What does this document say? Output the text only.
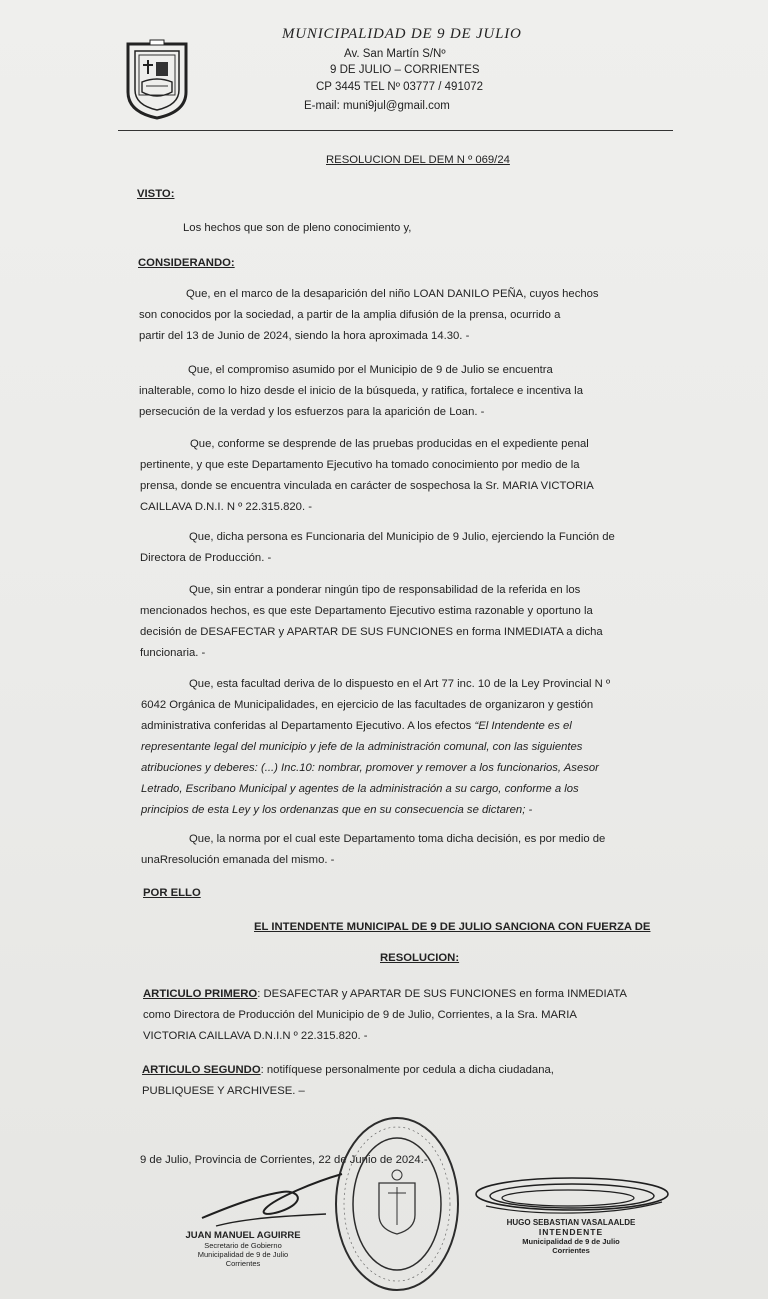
MUNICIPALIDAD DE 9 DE JULIO
Av. San Martín S/Nº
9 DE JULIO – CORRIENTES
CP 3445 TEL Nº 03777 / 491072
E-mail: muni9jul@gmail.com
RESOLUCION DEL DEM N º 069/24
VISTO:
Los hechos que son de pleno conocimiento y,
CONSIDERANDO:
Que, en el marco de la desaparición del niño LOAN DANILO PEÑA, cuyos hechos
son conocidos por la sociedad, a partir de la amplia difusión de la prensa, ocurrido a
partir del 13 de Junio de 2024, siendo la hora aproximada 14.30. -
Que, el compromiso asumido por el Municipio de 9 de Julio se encuentra
inalterable, como lo hizo desde el inicio de la búsqueda, y ratifica, fortalece e incentiva la
persecución de la verdad y los esfuerzos para la aparición de Loan. -
Que, conforme se desprende de las pruebas producidas en el expediente penal
pertinente, y que este Departamento Ejecutivo ha tomado conocimiento por medio de la
prensa, donde se encuentra vinculada en carácter de sospechosa la Sr. MARIA VICTORIA
CAILLAVA D.N.I. N º 22.315.820. -
Que, dicha persona es Funcionaria del Municipio de 9 Julio, ejerciendo la Función de
Directora de Producción. -
Que, sin entrar a ponderar ningún tipo de responsabilidad de la referida en los
mencionados hechos, es que este Departamento Ejecutivo estima razonable y oportuno la
decisión de DESAFECTAR y APARTAR DE SUS FUNCIONES en forma INMEDIATA a dicha
funcionaria. -
Que, esta facultad deriva de lo dispuesto en el Art 77 inc. 10 de la Ley Provincial N º
6042 Orgánica de Municipalidades, en ejercicio de las facultades de organizaron y gestión
administrativa conferidas al Departamento Ejecutivo. A los efectos “El Intendente es el
representante legal del municipio y jefe de la administración comunal, con las siguientes
atribuciones y deberes: (...) Inc.10: nombrar, promover y remover a los funcionarios, Asesor
Letrado, Escribano Municipal y agentes de la administración a su cargo, conforme a los
principios de esta Ley y los ordenanzas que en su consecuencia se dictaren; -
Que, la norma por el cual este Departamento toma dicha decisión, es por medio de
unaRresolución emanada del mismo. -
POR ELLO
EL INTENDENTE MUNICIPAL DE 9 DE JULIO SANCIONA CON FUERZA DE
RESOLUCION:
ARTICULO PRIMERO: DESAFECTAR y APARTAR DE SUS FUNCIONES en forma INMEDIATA
como Directora de Producción del Municipio de 9 de Julio, Corrientes, a la Sra. MARIA
VICTORIA CAILLAVA D.N.I.N º 22.315.820. -
ARTICULO SEGUNDO: notifíquese personalmente por cedula a dicha ciudadana,
PUBLIQUESE Y ARCHIVESE. –
9 de Julio, Provincia de Corrientes, 22 de Junio de 2024.-
JUAN MANUEL AGUIRRE
Secretario de Gobierno
Municipalidad de 9 de Julio
Corrientes
HUGO SEBASTIAN VASALAALDE
INTENDENTE
Municipalidad de 9 de Julio
Corrientes
